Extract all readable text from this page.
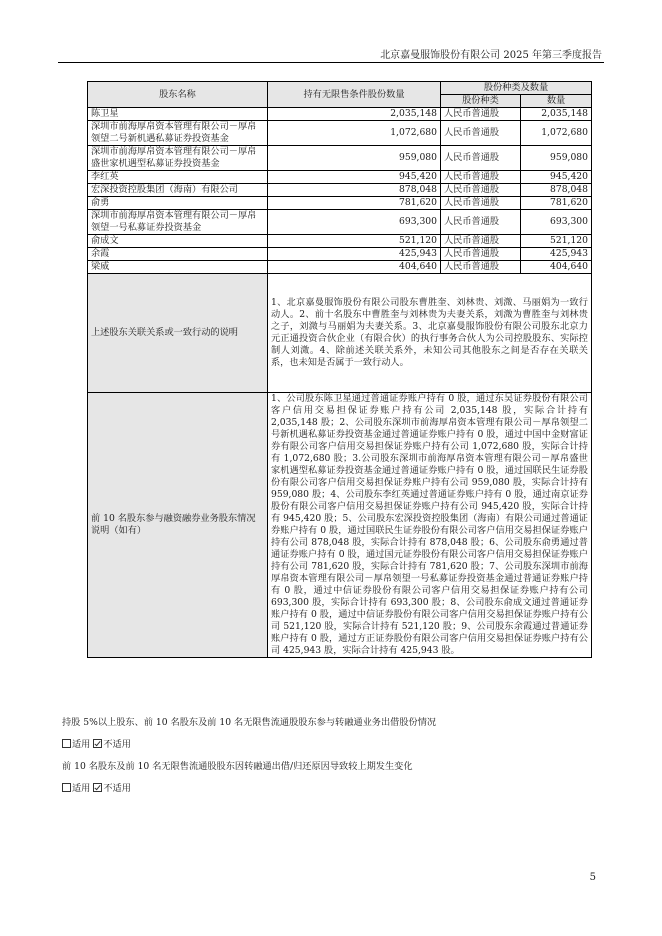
北京嘉曼服饰股份有限公司 2025 年第三季度报告
股东名称	持有无限售条件股份数量	股份种类及数量	
		股份种类	数量
陈卫星	2,035,148	人民币普通股	2,035,148
深圳市前海厚帛资本管理有限公司－厚帛领望二号新机遇私募证券投资基金	1,072,680	人民币普通股	1,072,680
深圳市前海厚帛资本管理有限公司－厚帛盛世家机遇型私募证券投资基金	959,080	人民币普通股	959,080
李红英	945,420	人民币普通股	945,420
宏深投资控股集团（海南）有限公司	878,048	人民币普通股	878,048
俞勇	781,620	人民币普通股	781,620
深圳市前海厚帛资本管理有限公司－厚帛领望一号私募证券投资基金	693,300	人民币普通股	693,300
俞成文	521,120	人民币普通股	521,120
余霞	425,943	人民币普通股	425,943
梁威	404,640	人民币普通股	404,640
上述股东关联关系或一致行动的说明	1、北京嘉曼服饰股份有限公司股东曹胜奎、刘林贵、刘溦、马丽娟为一致行动人。2、前十名股东中曹胜奎与刘林贵为夫妻关系，刘溦为曹胜奎与刘林贵之子，刘溦与马丽娟为夫妻关系。3、北京嘉曼服饰股份有限公司股东北京力元正通投资合伙企业（有限合伙）的执行事务合伙人为公司控股股东、实际控制人刘溦。4、除前述关联关系外，未知公司其他股东之间是否存在关联关系，也未知是否属于一致行动人。		
前 10 名股东参与融资融券业务股东情况说明（如有）	1、公司股东陈卫星通过普通证券账户持有 0 股，通过东吴证券股份有限公司客户信用交易担保证券账户持有公司 2,035,148 股，实际合计持有 2,035,148 股；2、公司股东深圳市前海厚帛资本管理有限公司－厚帛领望二号新机遇私募证券投资基金通过普通证券账户持有 0 股，通过中国中金财富证券有限公司客户信用交易担保证券账户持有公司 1,072,680 股，实际合计持有 1,072,680 股；3.公司股东深圳市前海厚帛资本管理有限公司－厚帛盛世家机遇型私募证券投资基金通过普通证券账户持有 0 股，通过国联民生证券股份有限公司客户信用交易担保证券账户持有公司 959,080 股，实际合计持有 959,080 股；4、公司股东李红英通过普通证券账户持有 0 股，通过南京证券股份有限公司客户信用交易担保证券账户持有公司 945,420 股，实际合计持有 945,420 股；5、公司股东宏深投资控股集团（海南）有限公司通过普通证券账户持有 0 股，通过国联民生证券股份有限公司客户信用交易担保证券账户持有公司 878,048 股，实际合计持有 878,048 股；6、公司股东俞勇通过普通证券账户持有 0 股，通过国元证券股份有限公司客户信用交易担保证券账户持有公司 781,620 股，实际合计持有 781,620 股；7、公司股东深圳市前海厚帛资本管理有限公司－厚帛领望一号私募证券投资基金通过普通证券账户持有 0 股，通过中信证券股份有限公司客户信用交易担保证券账户持有公司 693,300 股，实际合计持有 693,300 股；8、公司股东俞成文通过普通证券账户持有 0 股，通过中信证券股份有限公司客户信用交易担保证券账户持有公司 521,120 股，实际合计持有 521,120 股；9、公司股东余霞通过普通证券账户持有 0 股，通过方正证券股份有限公司客户信用交易担保证券账户持有公司 425,943 股，实际合计持有 425,943 股。		
持股 5%以上股东、前 10 名股东及前 10 名无限售流通股股东参与转融通业务出借股份情况
适用 不适用
前 10 名股东及前 10 名无限售流通股股东因转融通出借/归还原因导致较上期发生变化
适用 不适用
5
